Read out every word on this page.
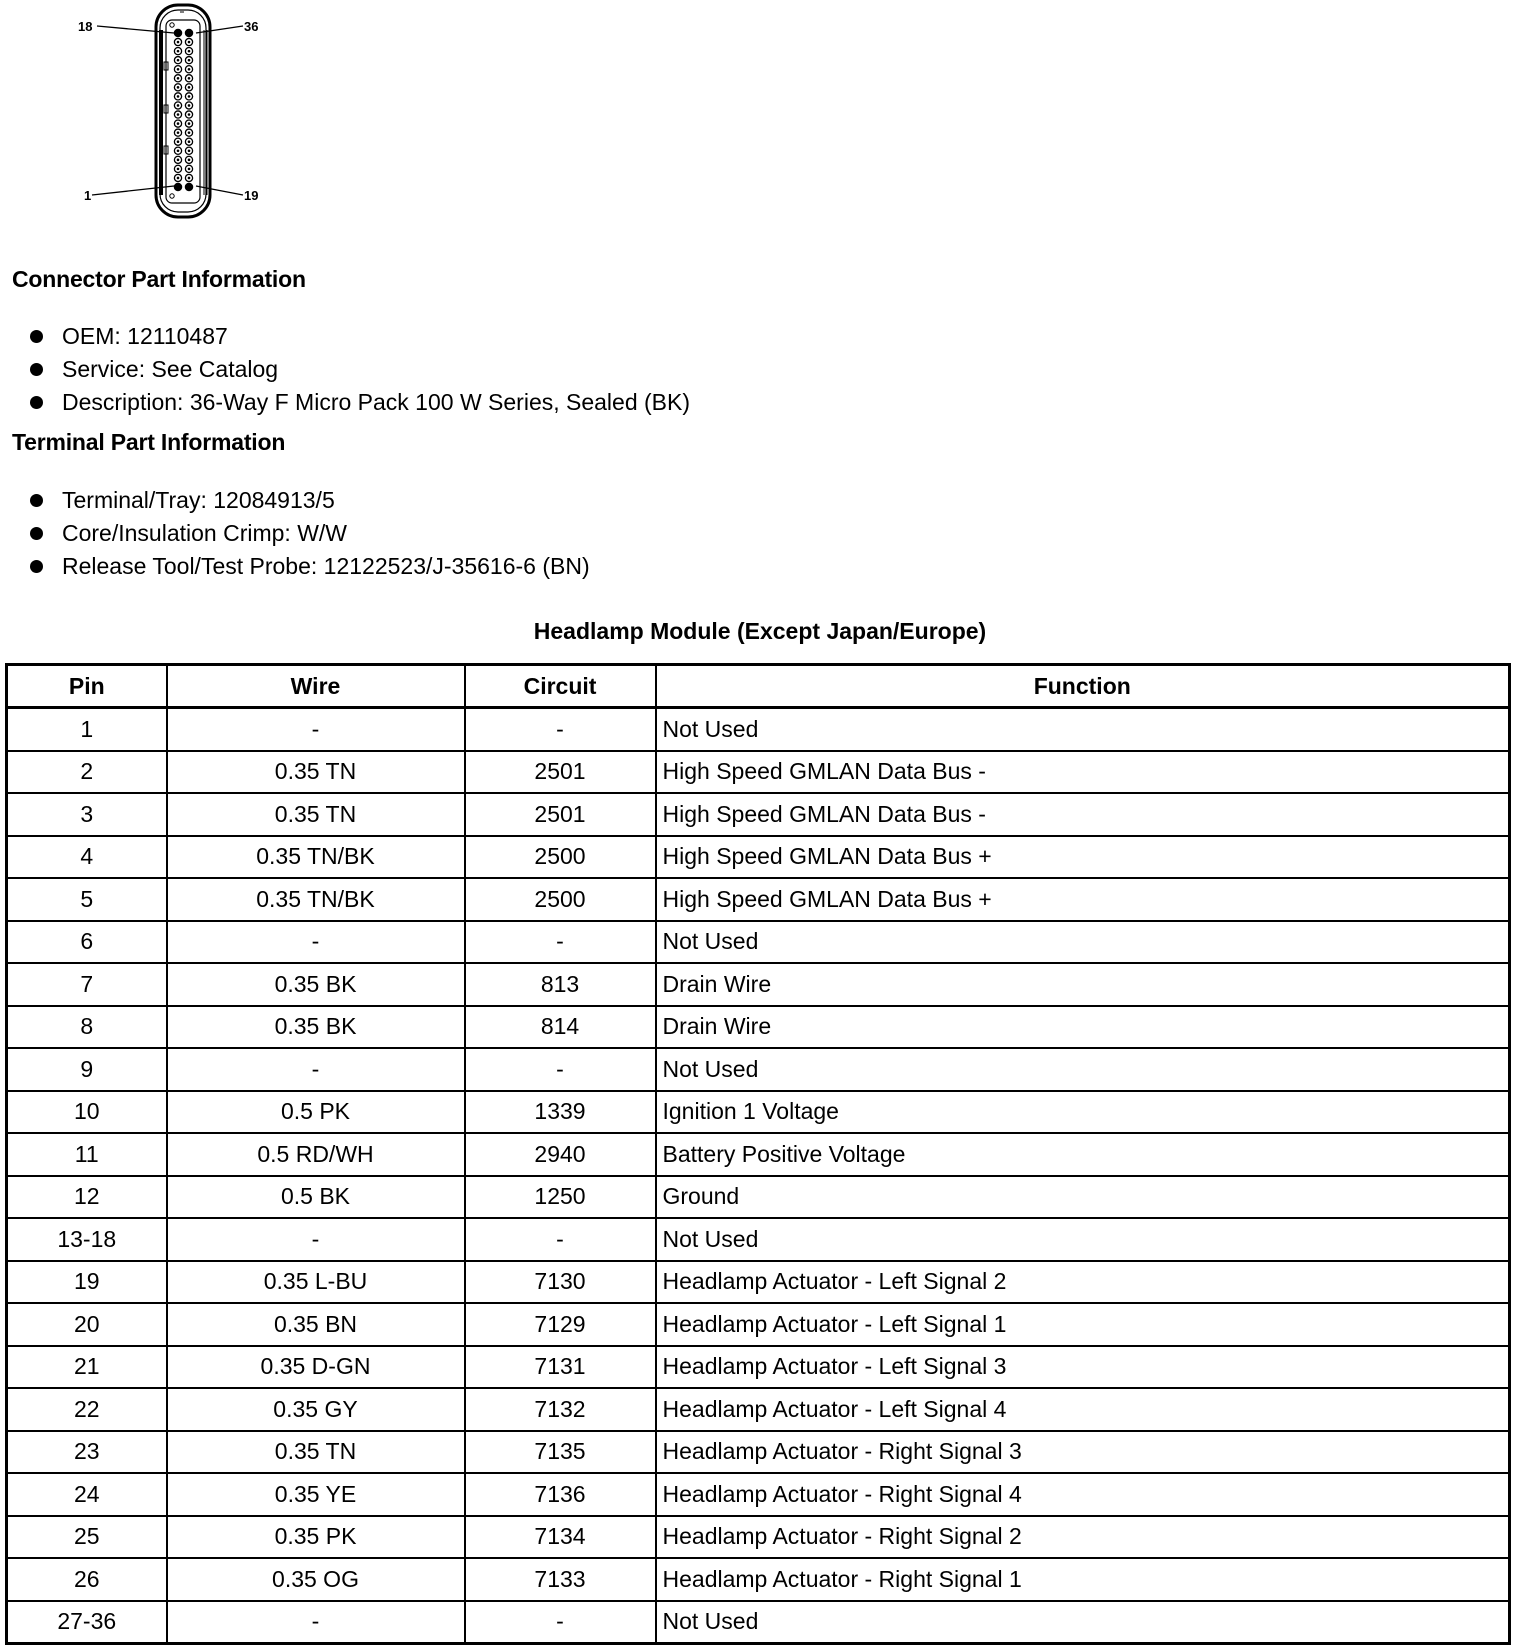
18	36
1	19
Connector Part Information
OEM: 12110487
Service: See Catalog
Description: 36-Way F Micro Pack 100 W Series, Sealed (BK)
Terminal Part Information
Terminal/Tray: 12084913/5
Core/Insulation Crimp: W/W
Release Tool/Test Probe: 12122523/J-35616-6 (BN)
Headlamp Module (Except Japan/Europe)
Pin	Wire	Circuit	Function
1	-	-	Not Used
2	0.35 TN	2501	High Speed GMLAN Data Bus -
3	0.35 TN	2501	High Speed GMLAN Data Bus -
4	0.35 TN/BK	2500	High Speed GMLAN Data Bus +
5	0.35 TN/BK	2500	High Speed GMLAN Data Bus +
6	-	-	Not Used
7	0.35 BK	813	Drain Wire
8	0.35 BK	814	Drain Wire
9	-	-	Not Used
10	0.5 PK	1339	Ignition 1 Voltage
11	0.5 RD/WH	2940	Battery Positive Voltage
12	0.5 BK	1250	Ground
13-18	-	-	Not Used
19	0.35 L-BU	7130	Headlamp Actuator - Left Signal 2
20	0.35 BN	7129	Headlamp Actuator - Left Signal 1
21	0.35 D-GN	7131	Headlamp Actuator - Left Signal 3
22	0.35 GY	7132	Headlamp Actuator - Left Signal 4
23	0.35 TN	7135	Headlamp Actuator - Right Signal 3
24	0.35 YE	7136	Headlamp Actuator - Right Signal 4
25	0.35 PK	7134	Headlamp Actuator - Right Signal 2
26	0.35 OG	7133	Headlamp Actuator - Right Signal 1
27-36	-	-	Not Used
